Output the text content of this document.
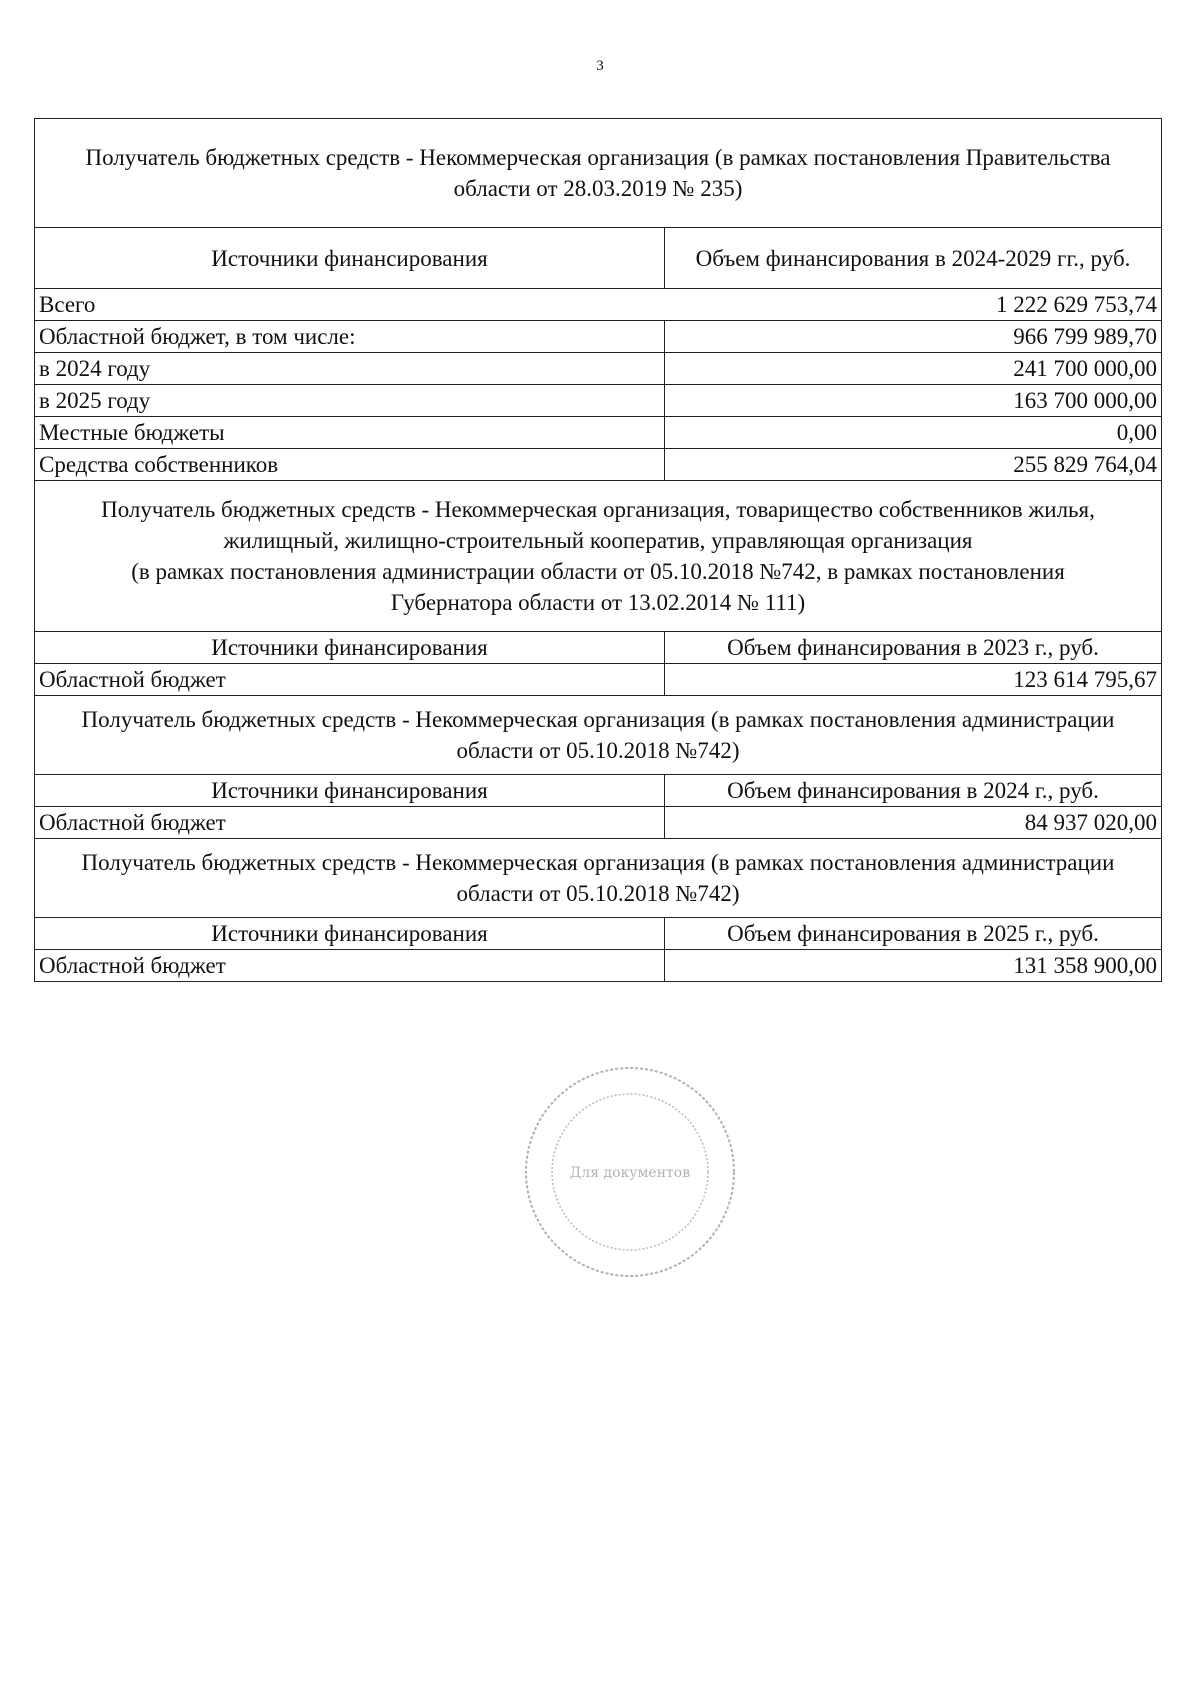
3
Получатель бюджетных средств - Некоммерческая организация (в рамках постановления Правительства
области от 28.03.2019 № 235)	

Источники финансирования	Объем финансирования в 2024-2029 гг., руб.

Всего 1 222 629 753,74	

Областной бюджет, в том числе:	966 799 989,70
в 2024 году	241 700 000,00
в 2025 году	163 700 000,00
Местные бюджеты	0,00
Средства собственников	255 829 764,04

Получатель бюджетных средств - Некоммерческая организация, товарищество собственников жилья,
жилищный, жилищно-строительный кооператив, управляющая организация
(в рамках постановления администрации области от 05.10.2018 №742, в рамках постановления
Губернатора области от 13.02.2014 № 111)	

Источники финансирования	Объем финансирования в 2023 г., руб.
Областной бюджет	123 614 795,67

Получатель бюджетных средств - Некоммерческая организация (в рамках постановления администрации
области от 05.10.2018 №742)	

Источники финансирования	Объем финансирования в 2024 г., руб.
Областной бюджет	84 937 020,00

Получатель бюджетных средств - Некоммерческая организация (в рамках постановления администрации
области от 05.10.2018 №742)	

Источники финансирования	Объем финансирования в 2025 г., руб.
Областной бюджет	131 358 900,00
Для документов
